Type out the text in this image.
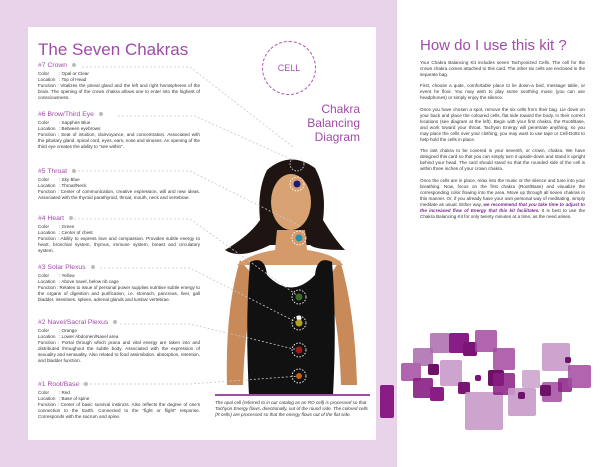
The Seven Chakras
#7 Crown
Color	: Opal or Clear
Location : Top of Head
Function : Vitalizes the pineal gland and the left and right hemispheres of the brain. The opening of the crown chakra allows one to enter into the highest of consciousness.
#6 Brow/Third Eye
Color	: Sapphire Blue
Location : Between eyebrows
Function : Seat of intuition, clairvoyance, and concentration. Associated with the pituitary gland, spinal cord, eyes, ears, nose and sinuses. An opening of the third eye creates the ability to "see within".
#5 Throat
Color	: Sky Blue
Location : Throat/Neck
Function : Center of communication, creative expression, will and new ideas. Associated with the thyroid parathyroid, throat, mouth, neck and vertebrae.
#4 Heart
Color	: Green
Location : Center of chest
Function : Ability to express love and compassion. Provides subtle energy to heart, bronchial system, thymus, immune system, breast and circulatory system.
#3 Solar Plexus
Color	: Yellow
Location : Above navel, below rib cage
Function : Relates to issue of personal power supplies nutritive subtle energy to the organs of digestion and purification, i.e. stomach, pancreas, liver, gall bladder, intestines, spleen, adrenal glands and lumbar vertebrae.
#2 Navel/Sacral Plexus
Color	: Orange
Location : Lower Abdomen/Navel area
Function : Portal through which prana and vital energy are taken into and distributed throughout the subtle body. Associated with the expression of sexuality and sensuality. Also related to food assimilation, absorption, retention, and bladder function.
#1 Root/Base
Color	: Red
Location : Base of spine
Function : Center of basic survival instincts. Also reflects the degree of one's connection to the Earth. Connected to the "fight or flight" response. Corresponds with the sacrum and spine.
CELL
Chakra
Balancing
Diagram
The opal cell (referred to in our catalog as an RO cell) is processed so that Tachyon Energy flows, directionally, out of the round side. The colored cells (R cells) are processed so that the energy flows out of the flat side.
How do I use this kit ?

Your Chakra Balancing Kit includes seven Tachyonized Cells. The cell for the crown chakra comes attached to this card. The other six cells are enclosed in the separate bag.

First, choose a quite, comfortable place to lie down-a bed, message table, or event he floor. You may wish to play some soothing music (you can use headphones) or simply enjoy the silence.

Once you have chosen a spot, remove the six cells from their bag. Lie down on your back and place the coloured cells, flat side toward the body, in their correct locations (see diagram at the left). Begin with your first chakra, the Root/Base, and work toward your throat. Tachyon Energy will penetrate anything, so you may place the cells over your clothing, you may want to use tape or Cell-Dotts to help hold the cells in place.

The last chakra to be covered is your seventh, or crown, chakra. We have designed this card so that you can simply turn it upside-down and stand it upright behind your head. The card should stand so that the rounded side of the cell is within three inches of your crown chakra.

Once the cells are in place, relax into the music or the silence and tune into your breathing. Now, focus on the first chakra (Root/Base) and visualize the corresponding color flowing into the area. Move up through all seven chakras in this manner. Or, if you already have your own personal way of meditating, simply meditate as usual. Either way, we recommend that you take time to adjust to the increased flow of Energy that this kit facilitates. It is best to use the Chakra Balancing Kit for only twenty minutes at a time, as the need arises.
